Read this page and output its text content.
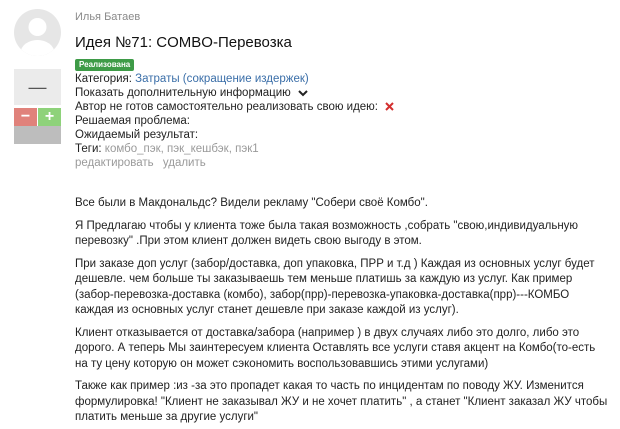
—
− +
Илья Батаев
Идея №71: COMBO-Перевозка
Реализована
Категория: Затраты (сокращение издержек)
Показать дополнительную информацию
Автор не готов самостоятельно реализовать свою идею:
Решаемая проблема:
Ожидаемый результат:
Теги: комбо_пэк, пэк_кешбэк, пэк1
редактировать удалить

Все были в Макдональдс? Видели рекламу "Собери своё Комбо".

Я Предлагаю чтобы у клиента тоже была такая возможность ,собрать "свою,индивидуальную перевозку" .При этом клиент должен видеть свою выгоду в этом.

При заказе доп услуг (забор/доставка, доп упаковка, ПРР и т.д ) Каждая из основных услуг будет дешевле. чем больше ты заказываешь тем меньше платишь за каждую из услуг. Как пример (забор-перевозка-доставка (комбо), забор(прр)-перевозка-упаковка-доставка(прр)---КОМБО каждая из основных услуг станет дешевле при заказе каждой из услуг).

Клиент отказывается от доставка/забора (например ) в двух случаях либо это долго, либо это дорого. А теперь Мы заинтересуем клиента Оставлять все услуги ставя акцент на Комбо(то-есть на ту цену которую он может сэкономить воспользовавшись этими услугами)

Также как пример :из -за это пропадет какая то часть по инцидентам по поводу ЖУ. Изменится формулировка! "Клиент не заказывал ЖУ и не хочет платить" , а станет "Клиент заказал ЖУ чтобы платить меньше за другие услуги"
